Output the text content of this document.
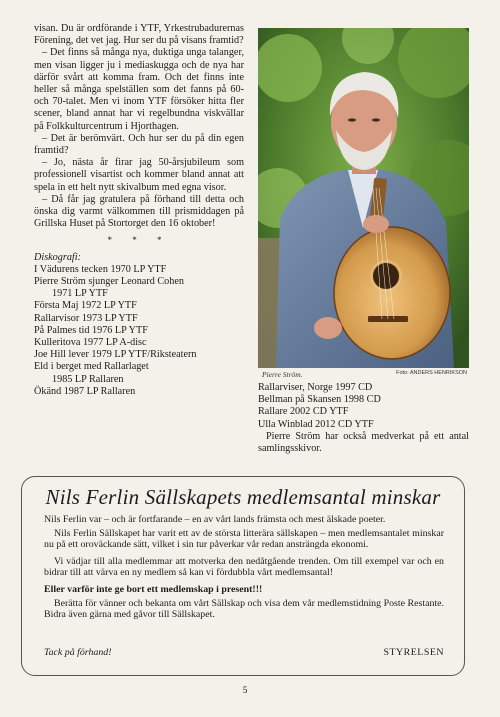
visan. Du är ordförande i YTF, Yrkestrubadurernas Förening, det vet jag. Hur ser du på visans framtid?

– Det finns så många nya, duktiga unga talanger, men visan ligger ju i mediaskugga och de nya har därför svårt att komma fram. Och det finns inte heller så många spelställen som det fanns på 60- och 70-talet. Men vi inom YTF försöker hitta fler scener, bland annat har vi regelbundna viskvällar på Folkkulturcentrum i Hjorthagen.

– Det är berömvärt. Och hur ser du på din egen framtid?

– Jo, nästa år firar jag 50-årsjubileum som professionell visartist och kommer bland annat att spela in ett helt nytt skivalbum med egna visor.

– Då får jag gratulera på förhand till detta och önska dig varmt välkommen till prismiddagen på Grillska Huset på Stortorget den 16 oktober!

* * *

Diskografi:

I Vädurens tecken 1970 LP YTF
Pierre Ström sjunger Leonard Cohen
1971 LP YTF
Första Maj 1972 LP YTF
Rallarvisor 1973 LP YTF
På Palmes tid 1976 LP YTF
Kulleritova 1977 LP A-disc
Joe Hill lever 1979 LP YTF/Riksteatern
Eld i berget med Rallarlaget
1985 LP Rallaren
Ökänd 1987 LP Rallaren
Pierre Ström.	Foto: ANDERS HENRIKSON
Rallarviser, Norge 1997 CD
Bellman på Skansen 1998 CD
Rallare 2002 CD YTF
Ulla Winblad 2012 CD YTF

Pierre Ström har också medverkat på ett antal samlingsskivor.

Nils Ferlin Sällskapets medlemsantal minskar

Nils Ferlin var – och är fortfarande – en av vårt lands främsta och mest älskade poeter.

Nils Ferlin Sällskapet har varit ett av de största litterära sällskapen – men medlemsantalet minskar nu på ett oroväckande sätt, vilket i sin tur påverkar vår redan ansträngda ekonomi.

Vi vädjar till alla medlemmar att motverka den nedåtgående trenden. Om till exempel var och en bidrar till att värva en ny medlem så kan vi fördubbla vårt medlemsantal!

Eller varför inte ge bort ett medlemskap i present!!!

Berätta för vänner och bekanta om vårt Sällskap och visa dem vår medlemstidning Poste Restante. Bidra även gärna med gåvor till Sällskapet.

Tack på förhand!	STYRELSEN
5
